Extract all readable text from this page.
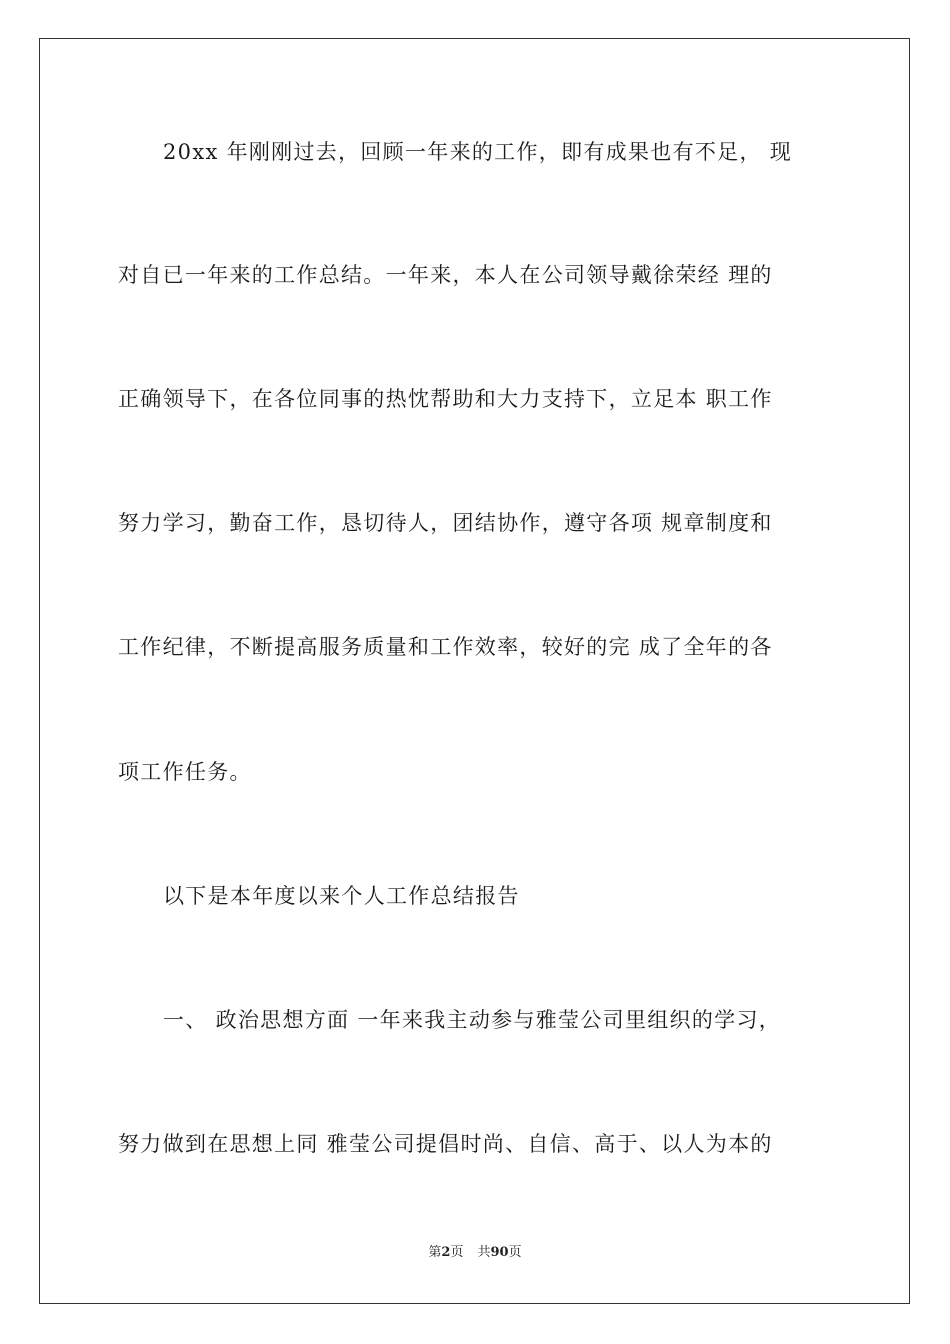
20xx 年刚刚过去，回顾一年来的工作，即有成果也有不足， 现
对自已一年来的工作总结。一年来，本人在公司领导戴徐荣经 理的
正确领导下，在各位同事的热忱帮助和大力支持下，立足本 职工作
努力学习，勤奋工作，恳切待人，团结协作，遵守各项 规章制度和
工作纪律，不断提高服务质量和工作效率，较好的完 成了全年的各
项工作任务。
以下是本年度以来个人工作总结报告
一、 政治思想方面 一年来我主动参与雅莹公司里组织的学习，
努力做到在思想上同 雅莹公司提倡时尚、自信、高于、以人为本的
第2页 共90页
